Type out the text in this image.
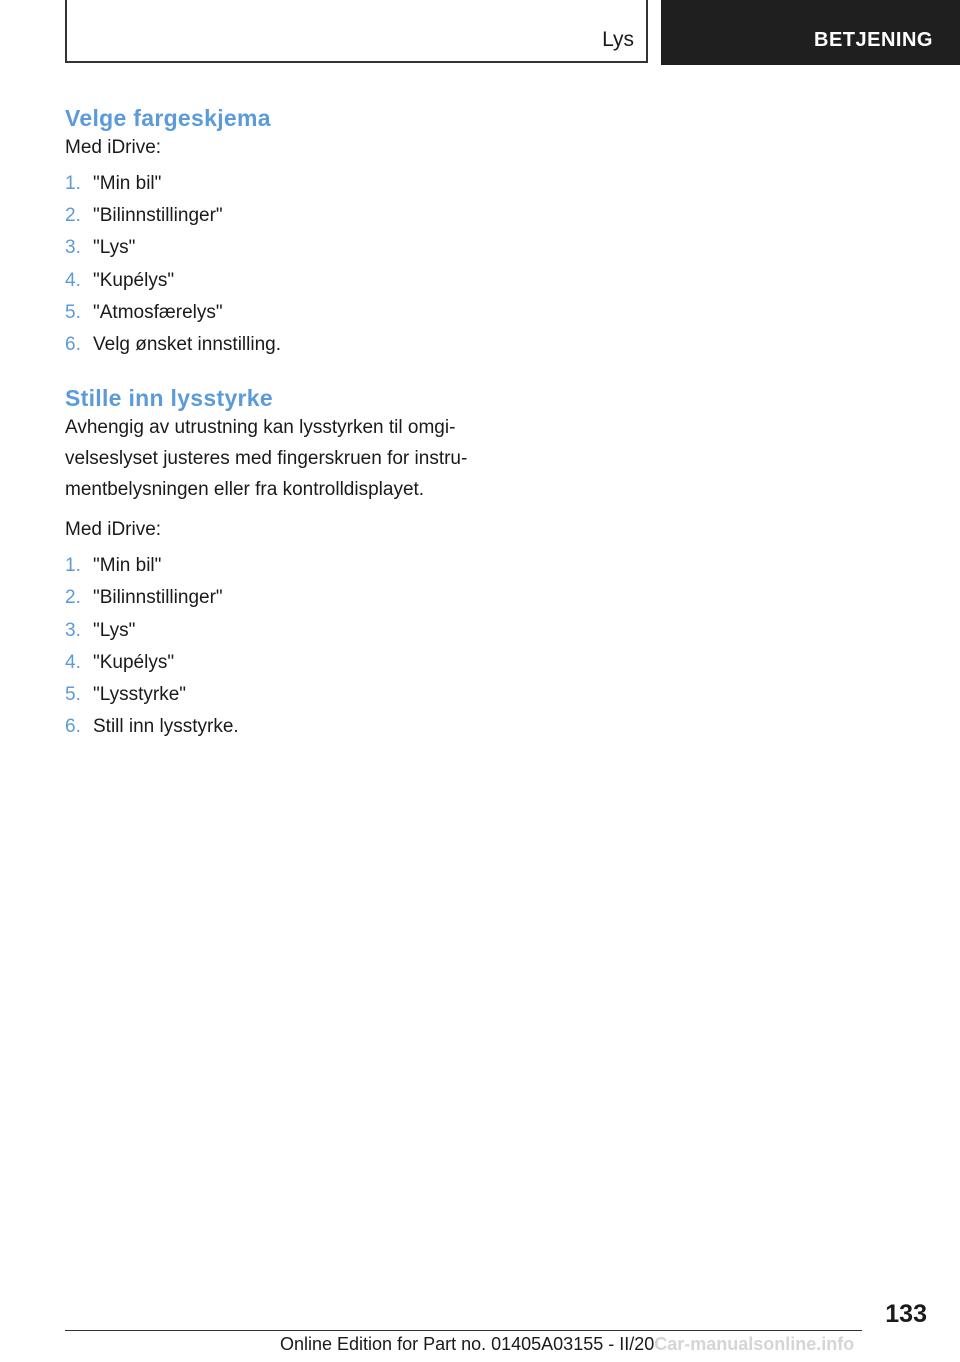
Lys	BETJENING
Velge fargeskjema

Med iDrive:

1. "Min bil"
2. "Bilinnstillinger"
3. "Lys"
4. "Kupélys"
5. "Atmosfærelys"
6. Velg ønsket innstilling.
Stille inn lysstyrke

Avhengig av utrustning kan lysstyrken til omgi‐

velseslyset justeres med fingerskruen for instru‐

mentbelysningen eller fra kontrolldisplayet.

Med iDrive:

1. "Min bil"
2. "Bilinnstillinger"
3. "Lys"
4. "Kupélys"
5. "Lysstyrke"
6. Still inn lysstyrke.
133
Online Edition for Part no. 01405A03155 - II/20Car-manualsonline.info
